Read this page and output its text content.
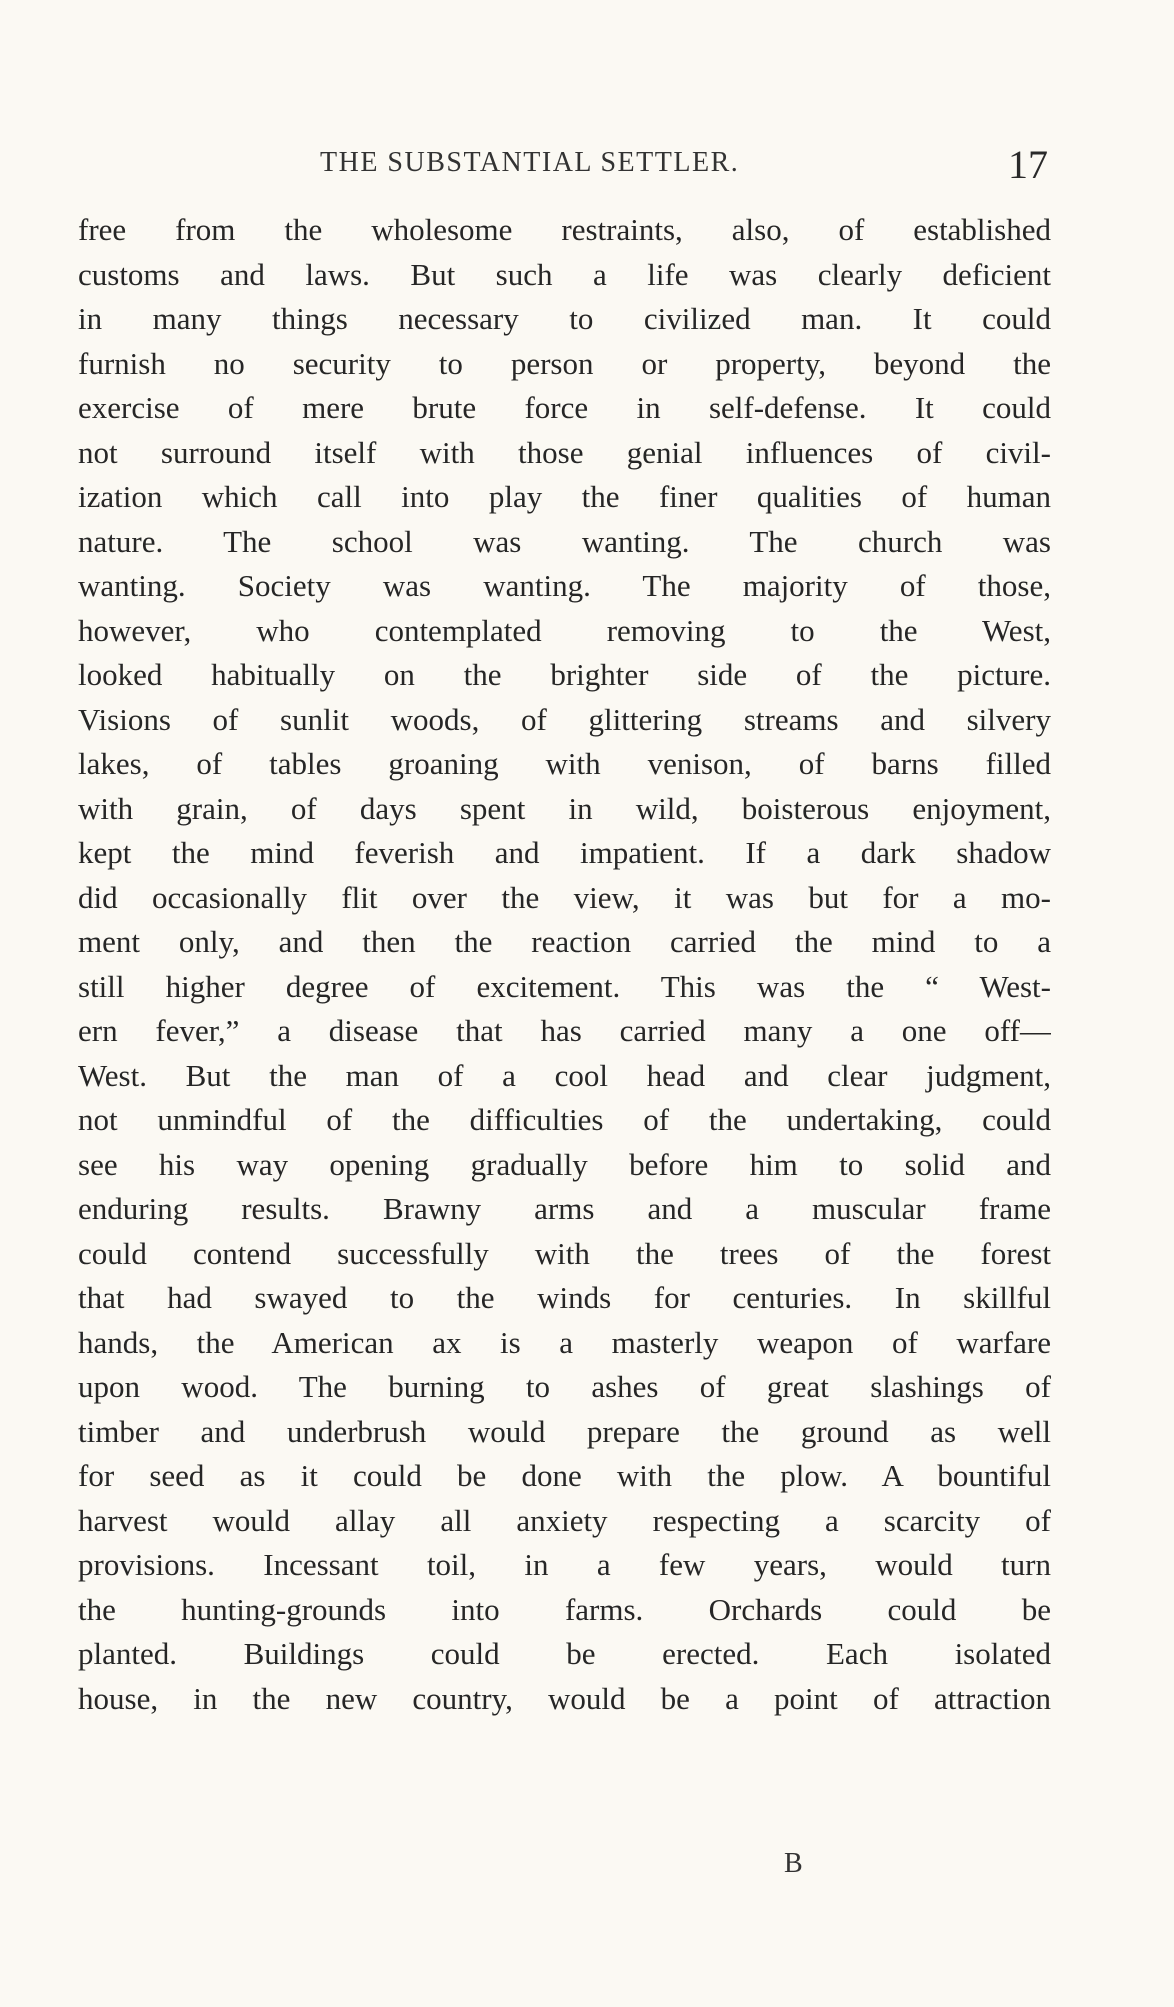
THE SUBSTANTIAL SETTLER.	17
free from the wholesome restraints, also, of established
customs and laws. But such a life was clearly deficient
in many things necessary to civilized man. It could
furnish no security to person or property, beyond the
exercise of mere brute force in self-defense. It could
not surround itself with those genial influences of civil-
ization which call into play the finer qualities of human
nature. The school was wanting. The church was
wanting. Society was wanting. The majority of those,
however, who contemplated removing to the West,
looked habitually on the brighter side of the picture.
Visions of sunlit woods, of glittering streams and silvery
lakes, of tables groaning with venison, of barns filled
with grain, of days spent in wild, boisterous enjoyment,
kept the mind feverish and impatient. If a dark shadow
did occasionally flit over the view, it was but for a mo-
ment only, and then the reaction carried the mind to a
still higher degree of excitement. This was the “ West-
ern fever,” a disease that has carried many a one off—
West. But the man of a cool head and clear judgment,
not unmindful of the difficulties of the undertaking, could
see his way opening gradually before him to solid and
enduring results. Brawny arms and a muscular frame
could contend successfully with the trees of the forest
that had swayed to the winds for centuries. In skillful
hands, the American ax is a masterly weapon of warfare
upon wood. The burning to ashes of great slashings of
timber and underbrush would prepare the ground as well
for seed as it could be done with the plow. A bountiful
harvest would allay all anxiety respecting a scarcity of
provisions. Incessant toil, in a few years, would turn
the hunting-grounds into farms. Orchards could be
planted. Buildings could be erected. Each isolated
house, in the new country, would be a point of attraction
B
